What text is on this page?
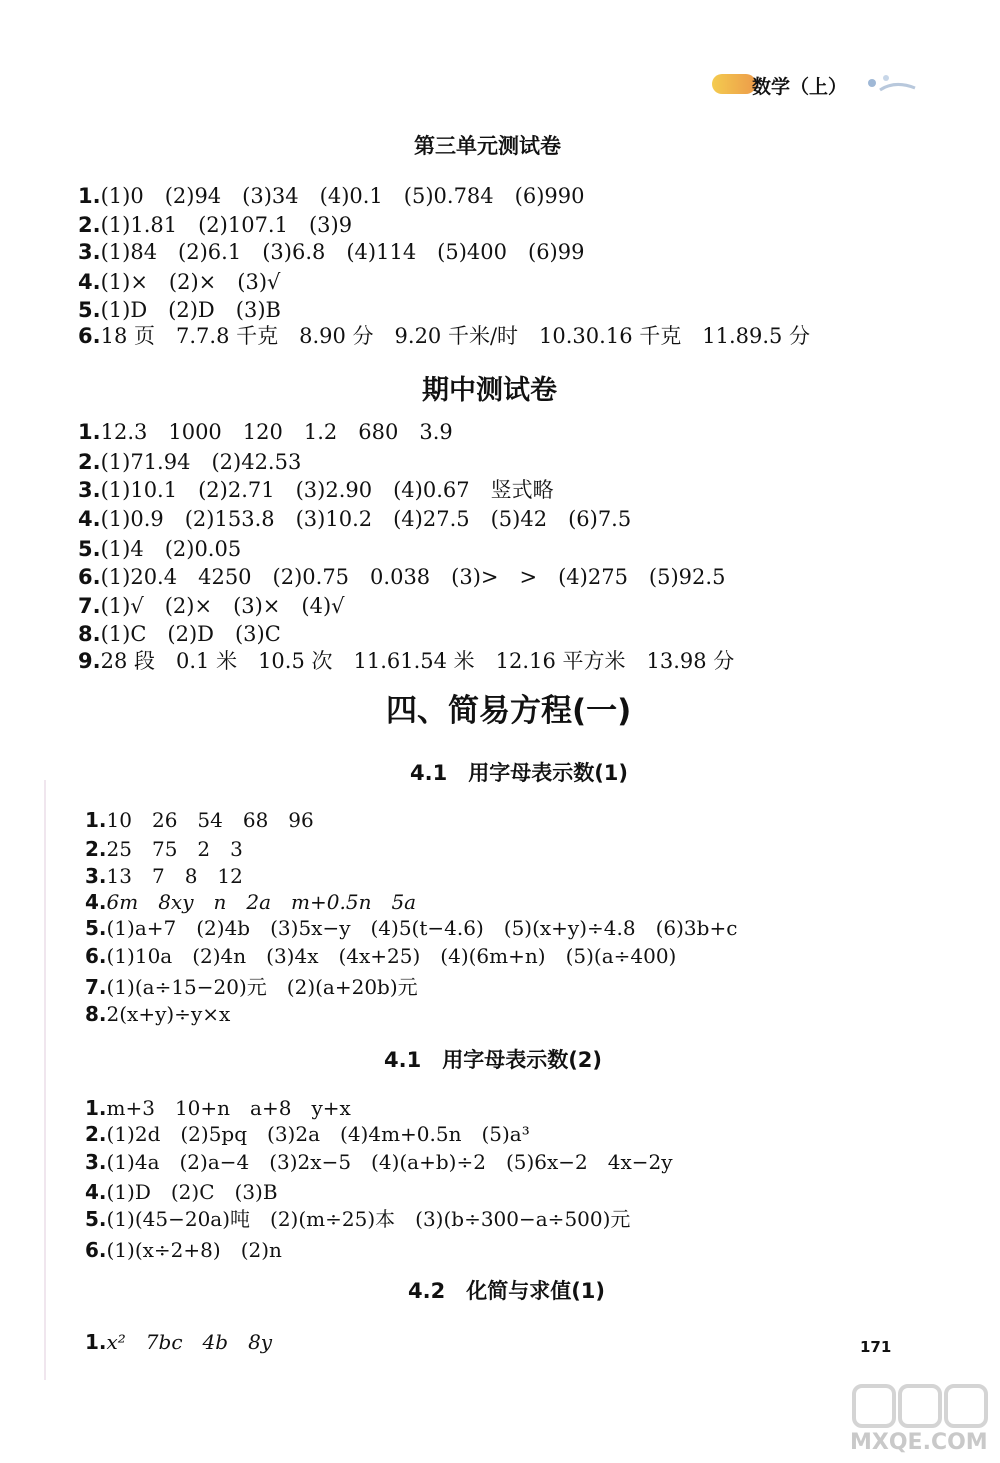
数学（上）
第三单元测试卷
1.(1)0　(2)94　(3)34　(4)0.1　(5)0.784　(6)990
2.(1)1.81　(2)107.1　(3)9
3.(1)84　(2)6.1　(3)6.8　(4)114　(5)400　(6)99
4.(1)×　(2)×　(3)√
5.(1)D　(2)D　(3)B
6.18 页　7.7.8 千克　8.90 分　9.20 千米/时　10.30.16 千克　11.89.5 分
期中测试卷
1.12.3　1000　120　1.2　680　3.9
2.(1)71.94　(2)42.53
3.(1)10.1　(2)2.71　(3)2.90　(4)0.67　竖式略
4.(1)0.9　(2)153.8　(3)10.2　(4)27.5　(5)42　(6)7.5
5.(1)4　(2)0.05
6.(1)20.4　4250　(2)0.75　0.038　(3)>　>　(4)275　(5)92.5
7.(1)√　(2)×　(3)×　(4)√
8.(1)C　(2)D　(3)C
9.28 段　0.1 米　10.5 次　11.61.54 米　12.16 平方米　13.98 分
四、简易方程(一)
4.1　用字母表示数(1)
1.10　26　54　68　96
2.25　75　2　3
3.13　7　8　12
4.6m　8xy　n　2a　m+0.5n　5a
5.(1)a+7　(2)4b　(3)5x−y　(4)5(t−4.6)　(5)(x+y)÷4.8　(6)3b+c
6.(1)10a　(2)4n　(3)4x　(4x+25)　(4)(6m+n)　(5)(a÷400)
7.(1)(a÷15−20)元　(2)(a+20b)元
8.2(x+y)÷y×x
4.1　用字母表示数(2)
1.m+3　10+n　a+8　y+x
2.(1)2d　(2)5pq　(3)2a　(4)4m+0.5n　(5)a³
3.(1)4a　(2)a−4　(3)2x−5　(4)(a+b)÷2　(5)6x−2　4x−2y
4.(1)D　(2)C　(3)B
5.(1)(45−20a)吨　(2)(m÷25)本　(3)(b÷300−a÷500)元
6.(1)(x÷2+8)　(2)n
4.2　化简与求值(1)
1.x²　7bc　4b　8y	171
MXQE.COM
